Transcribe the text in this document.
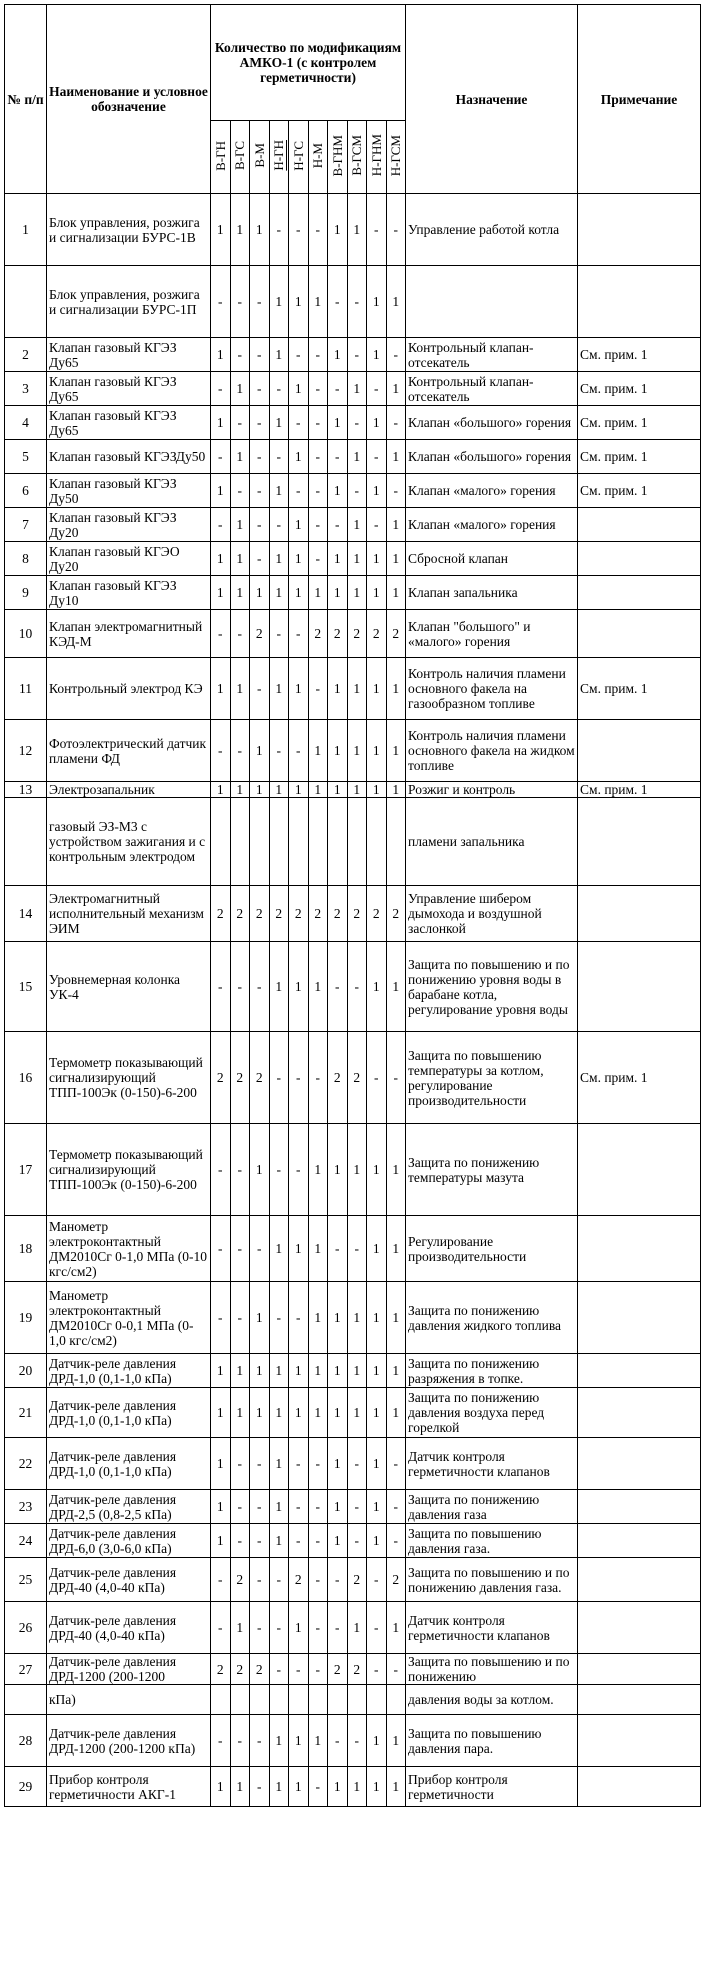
№ п/п	Наименование и условное обозначение	Количество по модификациям АМКО-1 (с контролем герметичности)										Назначение	Примечание
		В-ГН	В-ГС	В-М	Н-ГН	Н-ГС	Н-М	В-ГНМ	В-ГСМ	Н-ГНМ	Н-ГСМ		
1	Блок управления, розжига и сигнализации БУРС-1В	1	1	1	-	-	-	1	1	-	-	Управление работой котла	
	Блок управления, розжига и сигнализации БУРС-1П	-	-	-	1	1	1	-	-	1	1		
2	Клапан газовый КГЭЗ Ду65	1	-	-	1	-	-	1	-	1	-	Контрольный клапан-отсекатель	См. прим. 1
3	Клапан газовый КГЭЗ Ду65	-	1	-	-	1	-	-	1	-	1	Контрольный клапан-отсекатель	См. прим. 1
4	Клапан газовый КГЭЗ Ду65	1	-	-	1	-	-	1	-	1	-	Клапан «большого» горения	См. прим. 1
5	Клапан газовый КГЭЗДу50	-	1	-	-	1	-	-	1	-	1	Клапан «большого» горения	См. прим. 1
6	Клапан газовый КГЭЗ Ду50	1	-	-	1	-	-	1	-	1	-	Клапан «малого» горения	См. прим. 1
7	Клапан газовый КГЭЗ Ду20	-	1	-	-	1	-	-	1	-	1	Клапан «малого» горения	
8	Клапан газовый КГЭО Ду20	1	1	-	1	1	-	1	1	1	1	Сбросной клапан	
9	Клапан газовый КГЭЗ Ду10	1	1	1	1	1	1	1	1	1	1	Клапан запальника	
10	Клапан электромагнитный КЭД-М	-	-	2	-	-	2	2	2	2	2	Клапан "большого" и «малого» горения	
11	Контрольный электрод КЭ	1	1	-	1	1	-	1	1	1	1	Контроль наличия пламени основного факела на газообразном топливе	См. прим. 1
12	Фотоэлектрический датчик пламени ФД	-	-	1	-	-	1	1	1	1	1	Контроль наличия пламени основного факела на жидком топливе	
13	Электрозапальник	1	1	1	1	1	1	1	1	1	1	Розжиг и контроль	См. прим. 1
	газовый ЭЗ-М3 с устройством зажигания и с контрольным электродом											пламени запальника	
14	Электромагнитный исполнительный механизм ЭИМ	2	2	2	2	2	2	2	2	2	2	Управление шибером дымохода и воздушной заслонкой	
15	Уровнемерная колонка УК-4	-	-	-	1	1	1	-	-	1	1	Защита по повышению и по понижению уровня воды в барабане котла, регулирование уровня воды	
16	Термометр показывающий сигнализирующий ТПП-100Эк (0-150)-6-200	2	2	2	-	-	-	2	2	-	-	Защита по повышению температуры за котлом, регулирование производительности	См. прим. 1
17	Термометр показывающий сигнализирующий ТПП-100Эк (0-150)-6-200	-	-	1	-	-	1	1	1	1	1	Защита по понижению температуры мазута	
18	Манометр электроконтактный ДМ2010Сг 0-1,0 МПа (0-10 кгс/см2)	-	-	-	1	1	1	-	-	1	1	Регулирование производительности	
19	Манометр электроконтактный ДМ2010Сг 0-0,1 МПа (0-1,0 кгс/см2)	-	-	1	-	-	1	1	1	1	1	Защита по понижению давления жидкого топлива	
20	Датчик-реле давления ДРД-1,0 (0,1-1,0 кПа)	1	1	1	1	1	1	1	1	1	1	Защита по понижению разряжения в топке.	
21	Датчик-реле давления ДРД-1,0 (0,1-1,0 кПа)	1	1	1	1	1	1	1	1	1	1	Защита по понижению давления воздуха перед горелкой	
22	Датчик-реле давления ДРД-1,0 (0,1-1,0 кПа)	1	-	-	1	-	-	1	-	1	-	Датчик контроля герметичности клапанов	
23	Датчик-реле давления ДРД-2,5 (0,8-2,5 кПа)	1	-	-	1	-	-	1	-	1	-	Защита по понижению давления газа	
24	Датчик-реле давления ДРД-6,0 (3,0-6,0 кПа)	1	-	-	1	-	-	1	-	1	-	Защита по повышению давления газа.	
25	Датчик-реле давления ДРД-40 (4,0-40 кПа)	-	2	-	-	2	-	-	2	-	2	Защита по повышению и по понижению давления газа.	
26	Датчик-реле давления ДРД-40 (4,0-40 кПа)	-	1	-	-	1	-	-	1	-	1	Датчик контроля герметичности клапанов	
27	Датчик-реле давления ДРД-1200 (200-1200	2	2	2	-	-	-	2	2	-	-	Защита по повышению и по понижению	
	кПа)											давления воды за котлом.	
28	Датчик-реле давления ДРД-1200 (200-1200 кПа)	-	-	-	1	1	1	-	-	1	1	Защита по повышению давления пара.	
29	Прибор контроля герметичности АКГ-1	1	1	-	1	1	-	1	1	1	1	Прибор контроля герметичности	
